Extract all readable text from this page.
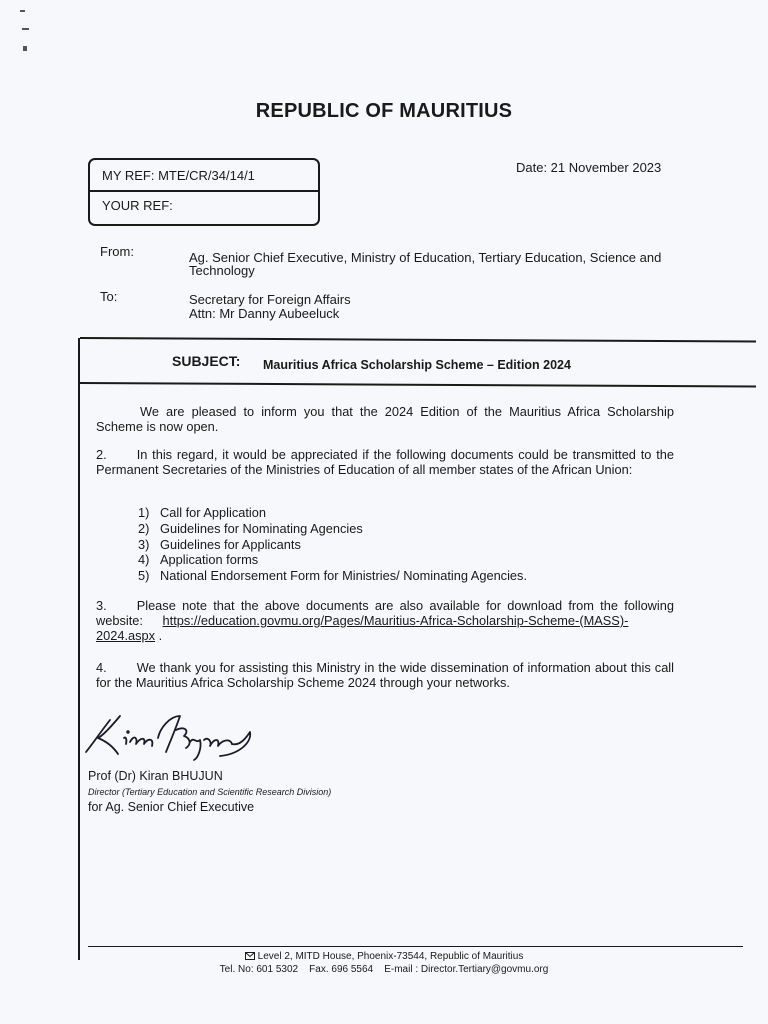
REPUBLIC OF MAURITIUS
MY REF: MTE/CR/34/14/1
YOUR REF:
Date: 21 November 2023
From:	Ag. Senior Chief Executive, Ministry of Education, Tertiary Education, Science and
Technology
To:	Secretary for Foreign Affairs
Attn: Mr Danny Aubeeluck
SUBJECT: Mauritius Africa Scholarship Scheme – Edition 2024
We are pleased to inform you that the 2024 Edition of the Mauritius Africa Scholarship Scheme is now open.
2. In this regard, it would be appreciated if the following documents could be transmitted to the Permanent Secretaries of the Ministries of Education of all member states of the African Union:
1) Call for Application
2) Guidelines for Nominating Agencies
3) Guidelines for Applicants
4) Application forms
5) National Endorsement Form for Ministries/ Nominating Agencies.
3. Please note that the above documents are also available for download from the following website: https://education.govmu.org/Pages/Mauritius-Africa-Scholarship-Scheme-(MASS)-
2024.aspx .
4. We thank you for assisting this Ministry in the wide dissemination of information about this call for the Mauritius Africa Scholarship Scheme 2024 through your networks.
Prof (Dr) Kiran BHUJUN
Director (Tertiary Education and Scientific Research Division)
for Ag. Senior Chief Executive
Level 2, MITD House, Phoenix-73544, Republic of Mauritius
Tel. No: 601 5302    Fax. 696 5564    E-mail : Director.Tertiary@govmu.org
